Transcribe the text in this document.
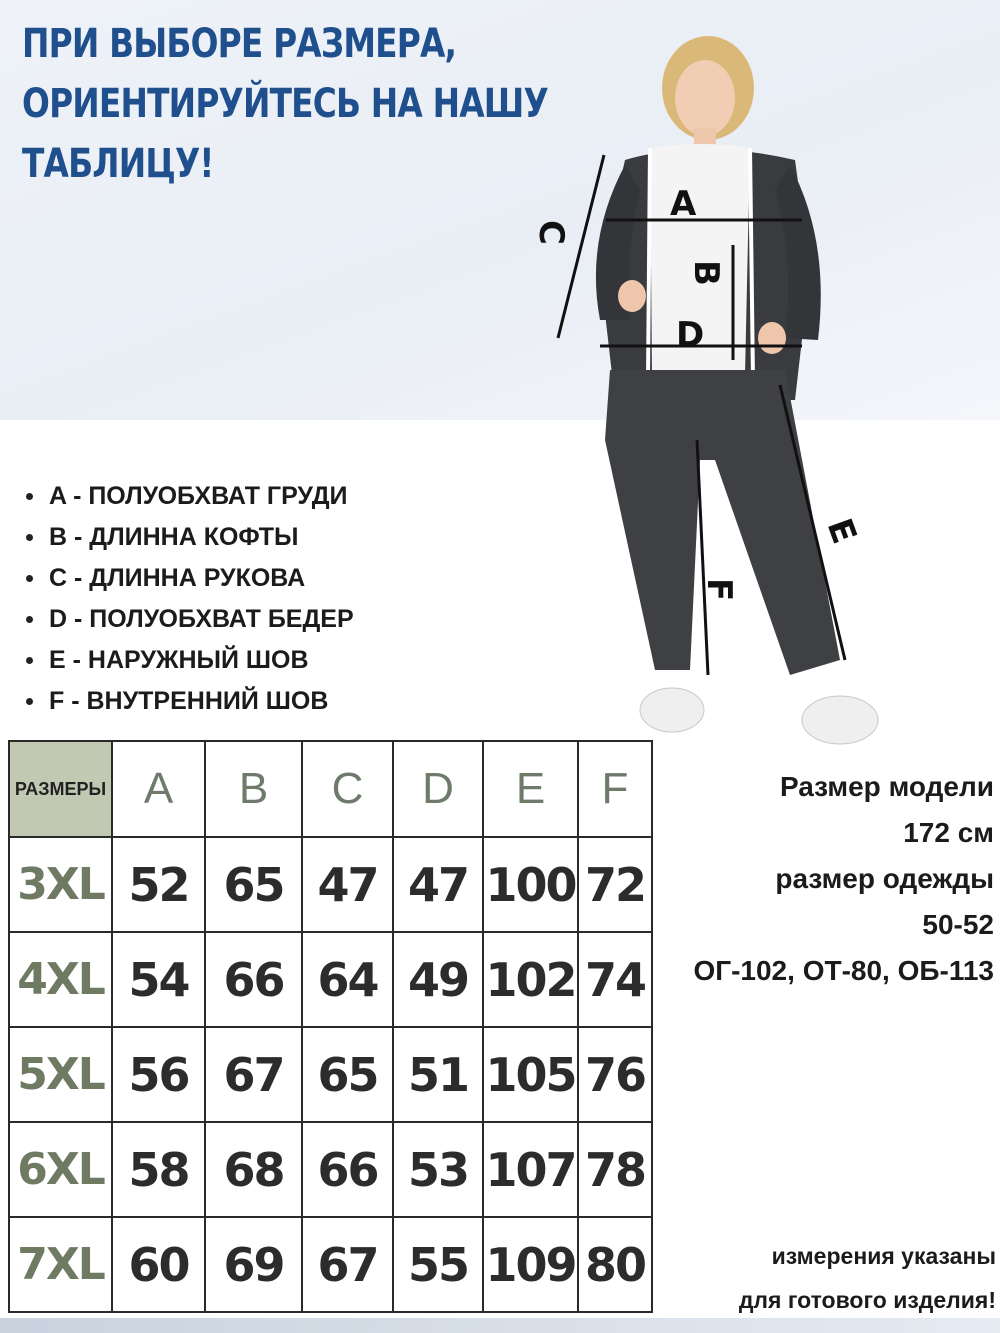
ПРИ ВЫБОРЕ РАЗМЕРА,
ОРИЕНТИРУЙТЕСЬ НА НАШУ
ТАБЛИЦУ!
A
B
C
D
E
F
A - ПОЛУОБХВАТ ГРУДИ
B - ДЛИННА КОФТЫ
C - ДЛИННА РУКОВА
D - ПОЛУОБХВАТ БЕДЕР
E - НАРУЖНЫЙ ШОВ
F - ВНУТРЕННИЙ ШОВ
РАЗМЕРЫ	A	B	C	D	E	F
3XL	52	65	47	47	100	72
4XL	54	66	64	49	102	74
5XL	56	67	65	51	105	76
6XL	58	68	66	53	107	78
7XL	60	69	67	55	109	80
Размер модели
172 см
размер одежды
50-52
ОГ-102, ОТ-80, ОБ-113
измерения указаны
для готового изделия!
